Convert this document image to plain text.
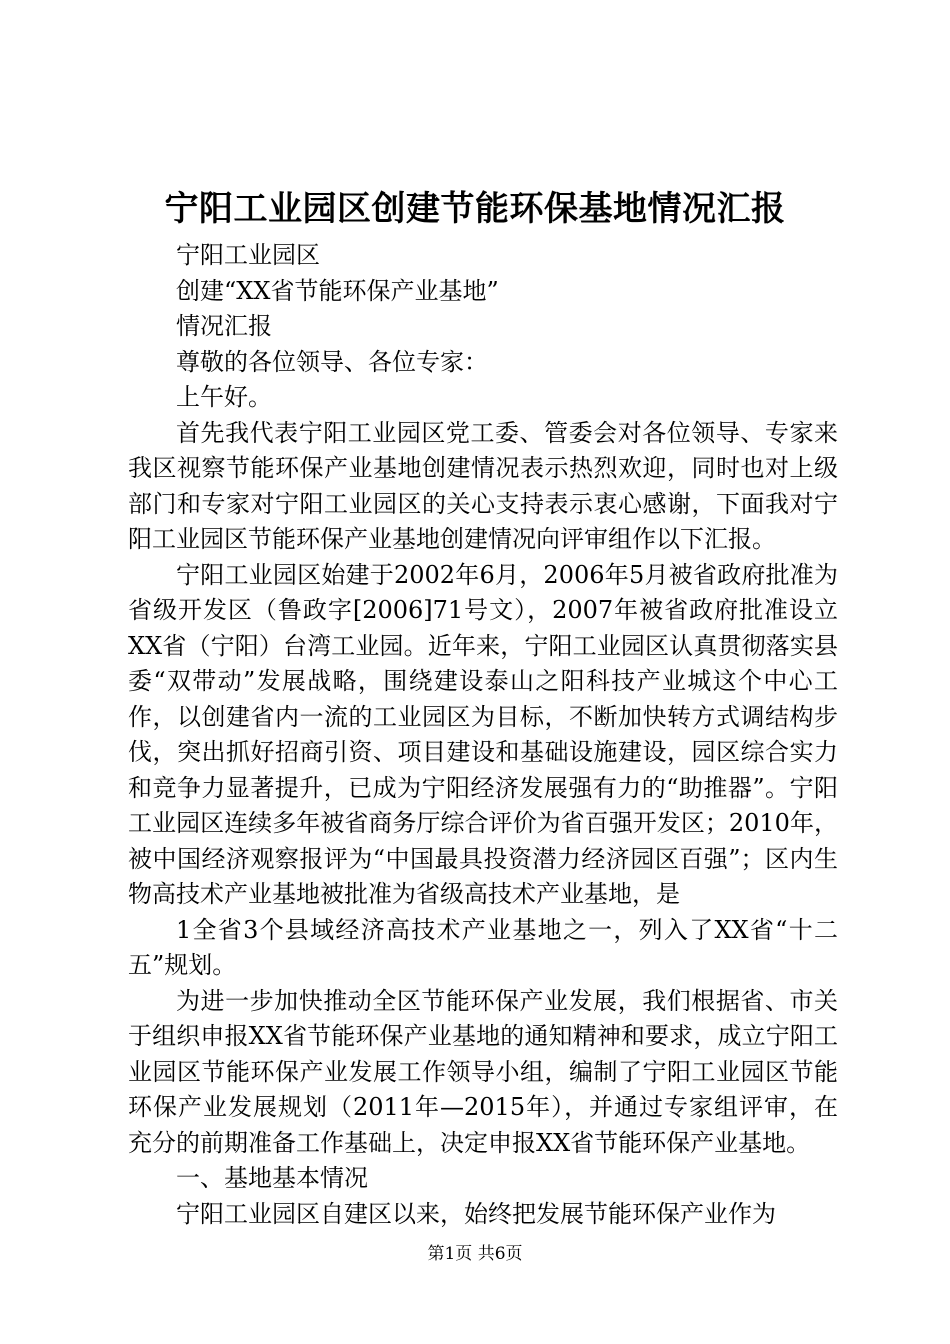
宁阳工业园区创建节能环保基地情况汇报

宁阳工业园区

创建“XX省节能环保产业基地”

情况汇报

尊敬的各位领导、各位专家：

上午好。

首先我代表宁阳工业园区党工委、管委会对各位领导、专家来我区视察节能环保产业基地创建情况表示热烈欢迎，同时也对上级部门和专家对宁阳工业园区的关心支持表示衷心感谢，下面我对宁阳工业园区节能环保产业基地创建情况向评审组作以下汇报。

宁阳工业园区始建于2002年6月，2006年5月被省政府批准为省级开发区（鲁政字[2006]71号文），2007年被省政府批准设立XX省（宁阳）台湾工业园。近年来，宁阳工业园区认真贯彻落实县委“双带动”发展战略，围绕建设泰山之阳科技产业城这个中心工作，以创建省内一流的工业园区为目标，不断加快转方式调结构步伐，突出抓好招商引资、项目建设和基础设施建设，园区综合实力和竞争力显著提升，已成为宁阳经济发展强有力的“助推器”。宁阳工业园区连续多年被省商务厅综合评价为省百强开发区；2010年，被中国经济观察报评为“中国最具投资潜力经济园区百强”；区内生物高技术产业基地被批准为省级高技术产业基地，是

1全省3个县域经济高技术产业基地之一，列入了XX省“十二五”规划。

为进一步加快推动全区节能环保产业发展，我们根据省、市关于组织申报XX省节能环保产业基地的通知精神和要求，成立宁阳工业园区节能环保产业发展工作领导小组，编制了宁阳工业园区节能环保产业发展规划（2011年—2015年），并通过专家组评审，在充分的前期准备工作基础上，决定申报XX省节能环保产业基地。

一、基地基本情况

宁阳工业园区自建区以来，始终把发展节能环保产业作为

第1页 共6页
